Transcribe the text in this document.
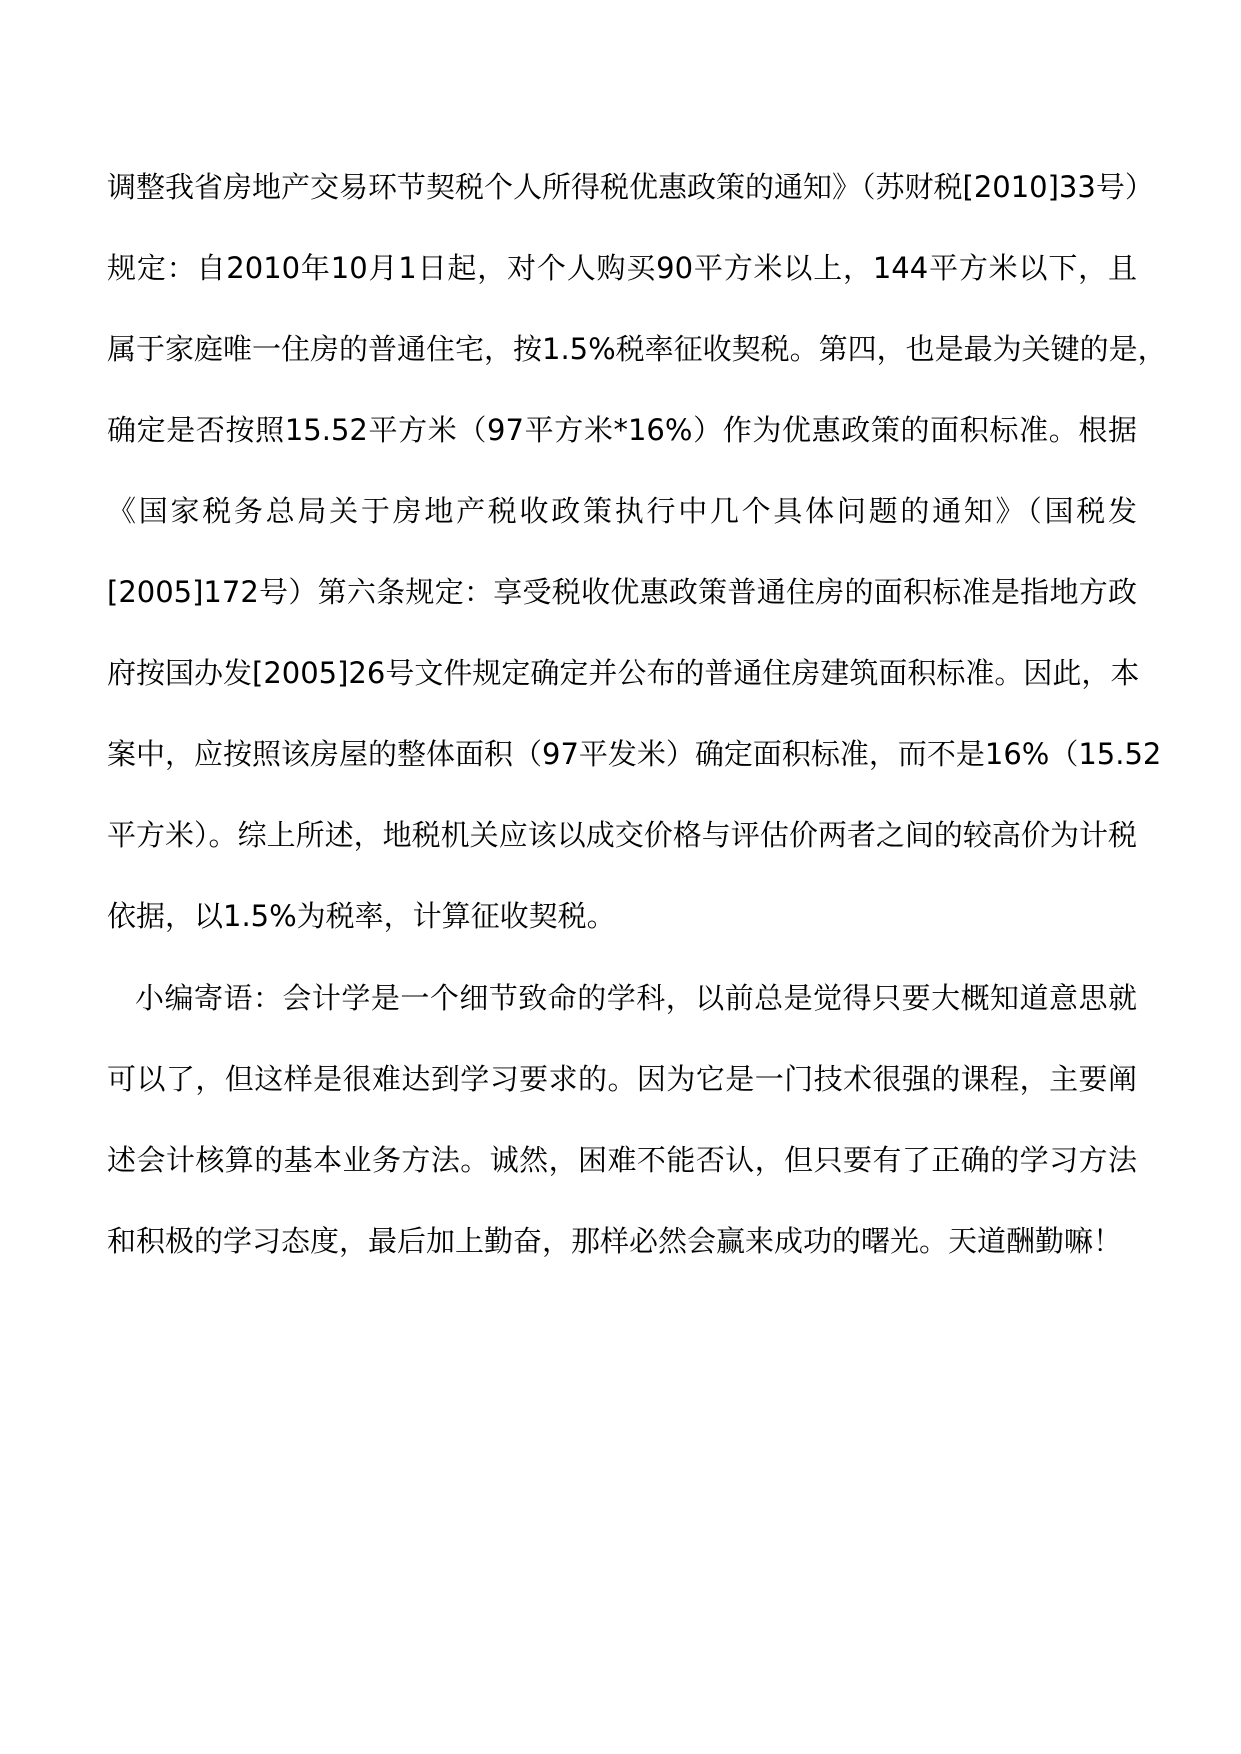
调整我省房地产交易环节契税个人所得税优惠政策的通知》（苏财税[2010]33号）
规定：自2010年10月1日起，对个人购买90平方米以上，144平方米以下，且
属于家庭唯一住房的普通住宅，按1.5%税率征收契税。第四，也是最为关键的是，
确定是否按照15.52平方米（97平方米*16%）作为优惠政策的面积标准。根据
《国家税务总局关于房地产税收政策执行中几个具体问题的通知》（国税发
[2005]172号）第六条规定：享受税收优惠政策普通住房的面积标准是指地方政
府按国办发[2005]26号文件规定确定并公布的普通住房建筑面积标准。因此，本
案中，应按照该房屋的整体面积（97平发米）确定面积标准，而不是16%（15.52
平方米）。综上所述，地税机关应该以成交价格与评估价两者之间的较高价为计税
依据，以1.5%为税率，计算征收契税。
小编寄语：会计学是一个细节致命的学科，以前总是觉得只要大概知道意思就
可以了，但这样是很难达到学习要求的。因为它是一门技术很强的课程，主要阐
述会计核算的基本业务方法。诚然，困难不能否认，但只要有了正确的学习方法
和积极的学习态度，最后加上勤奋，那样必然会赢来成功的曙光。天道酬勤嘛！
